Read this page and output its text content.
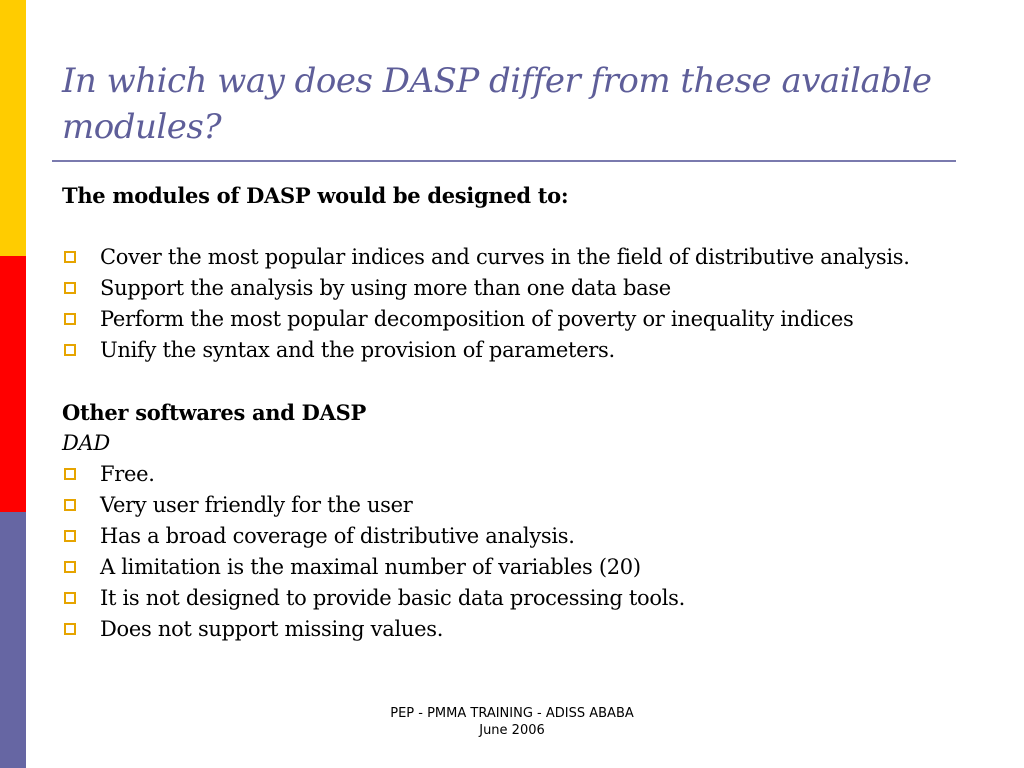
In which way does DASP differ from these available modules?
The modules of DASP would be designed to:
Cover the most popular indices and curves in the field of distributive analysis.
Support the analysis by using more than one data base
Perform the most popular decomposition of poverty or inequality indices
Unify the syntax and the provision of parameters.
Other softwares and DASP
DAD
Free.
Very user friendly for the user
Has a broad coverage of distributive analysis.
A limitation is the maximal number of variables (20)
It is not designed to provide basic data processing tools.
Does not support missing values.
PEP - PMMA TRAINING - ADISS ABABA
June 2006
